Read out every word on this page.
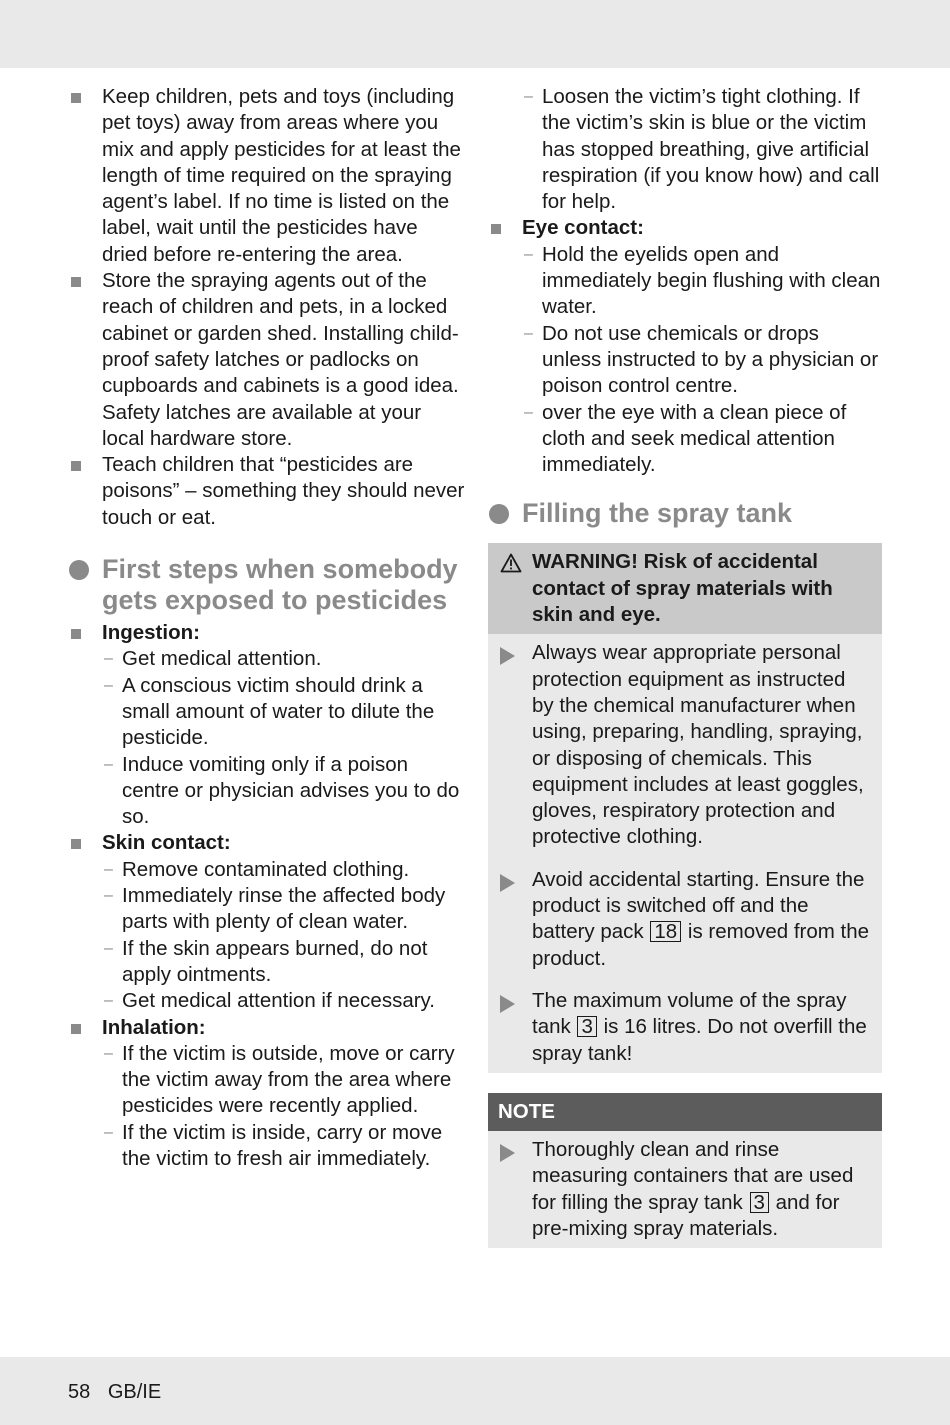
Keep children, pets and toys (including pet toys) away from areas where you mix and apply pesticides for at least the length of time required on the spraying agent’s label. If no time is listed on the label, wait until the pesticides have dried before re-entering the area.
Store the spraying agents out of the reach of children and pets, in a locked cabinet or garden shed. Installing child-proof safety latches or padlocks on cupboards and cabinets is a good idea. Safety latches are available at your local hardware store.
Teach children that “pesticides are poisons” – something they should never touch or eat.
First steps when somebody gets exposed to pesticides
Ingestion:
– Get medical attention.
– A conscious victim should drink a small amount of water to dilute the pesticide.
– Induce vomiting only if a poison centre or physician advises you to do so.
Skin contact:
– Remove contaminated clothing.
– Immediately rinse the affected body parts with plenty of clean water.
– If the skin appears burned, do not apply ointments.
– Get medical attention if necessary.
Inhalation:
– If the victim is outside, move or carry the victim away from the area where pesticides were recently applied.
– If the victim is inside, carry or move the victim to fresh air immediately.
– Loosen the victim’s tight clothing. If the victim’s skin is blue or the victim has stopped breathing, give artificial respiration (if you know how) and call for help.
Eye contact:
– Hold the eyelids open and immediately begin flushing with clean water.
– Do not use chemicals or drops unless instructed to by a physician or poison control centre.
– over the eye with a clean piece of cloth and seek medical attention immediately.
Filling the spray tank
WARNING! Risk of accidental contact of spray materials with skin and eye.
Always wear appropriate personal protection equipment as instructed by the chemical manufacturer when using, preparing, handling, spraying, or disposing of chemicals. This equipment includes at least goggles, gloves, respiratory protection and protective clothing.
Avoid accidental starting. Ensure the product is switched off and the battery pack 18 is removed from the product.
The maximum volume of the spray tank 3 is 16 litres. Do not overfill the spray tank!
NOTE
Thoroughly clean and rinse measuring containers that are used for filling the spray tank 3 and for pre-mixing spray materials.
58 GB/IE
